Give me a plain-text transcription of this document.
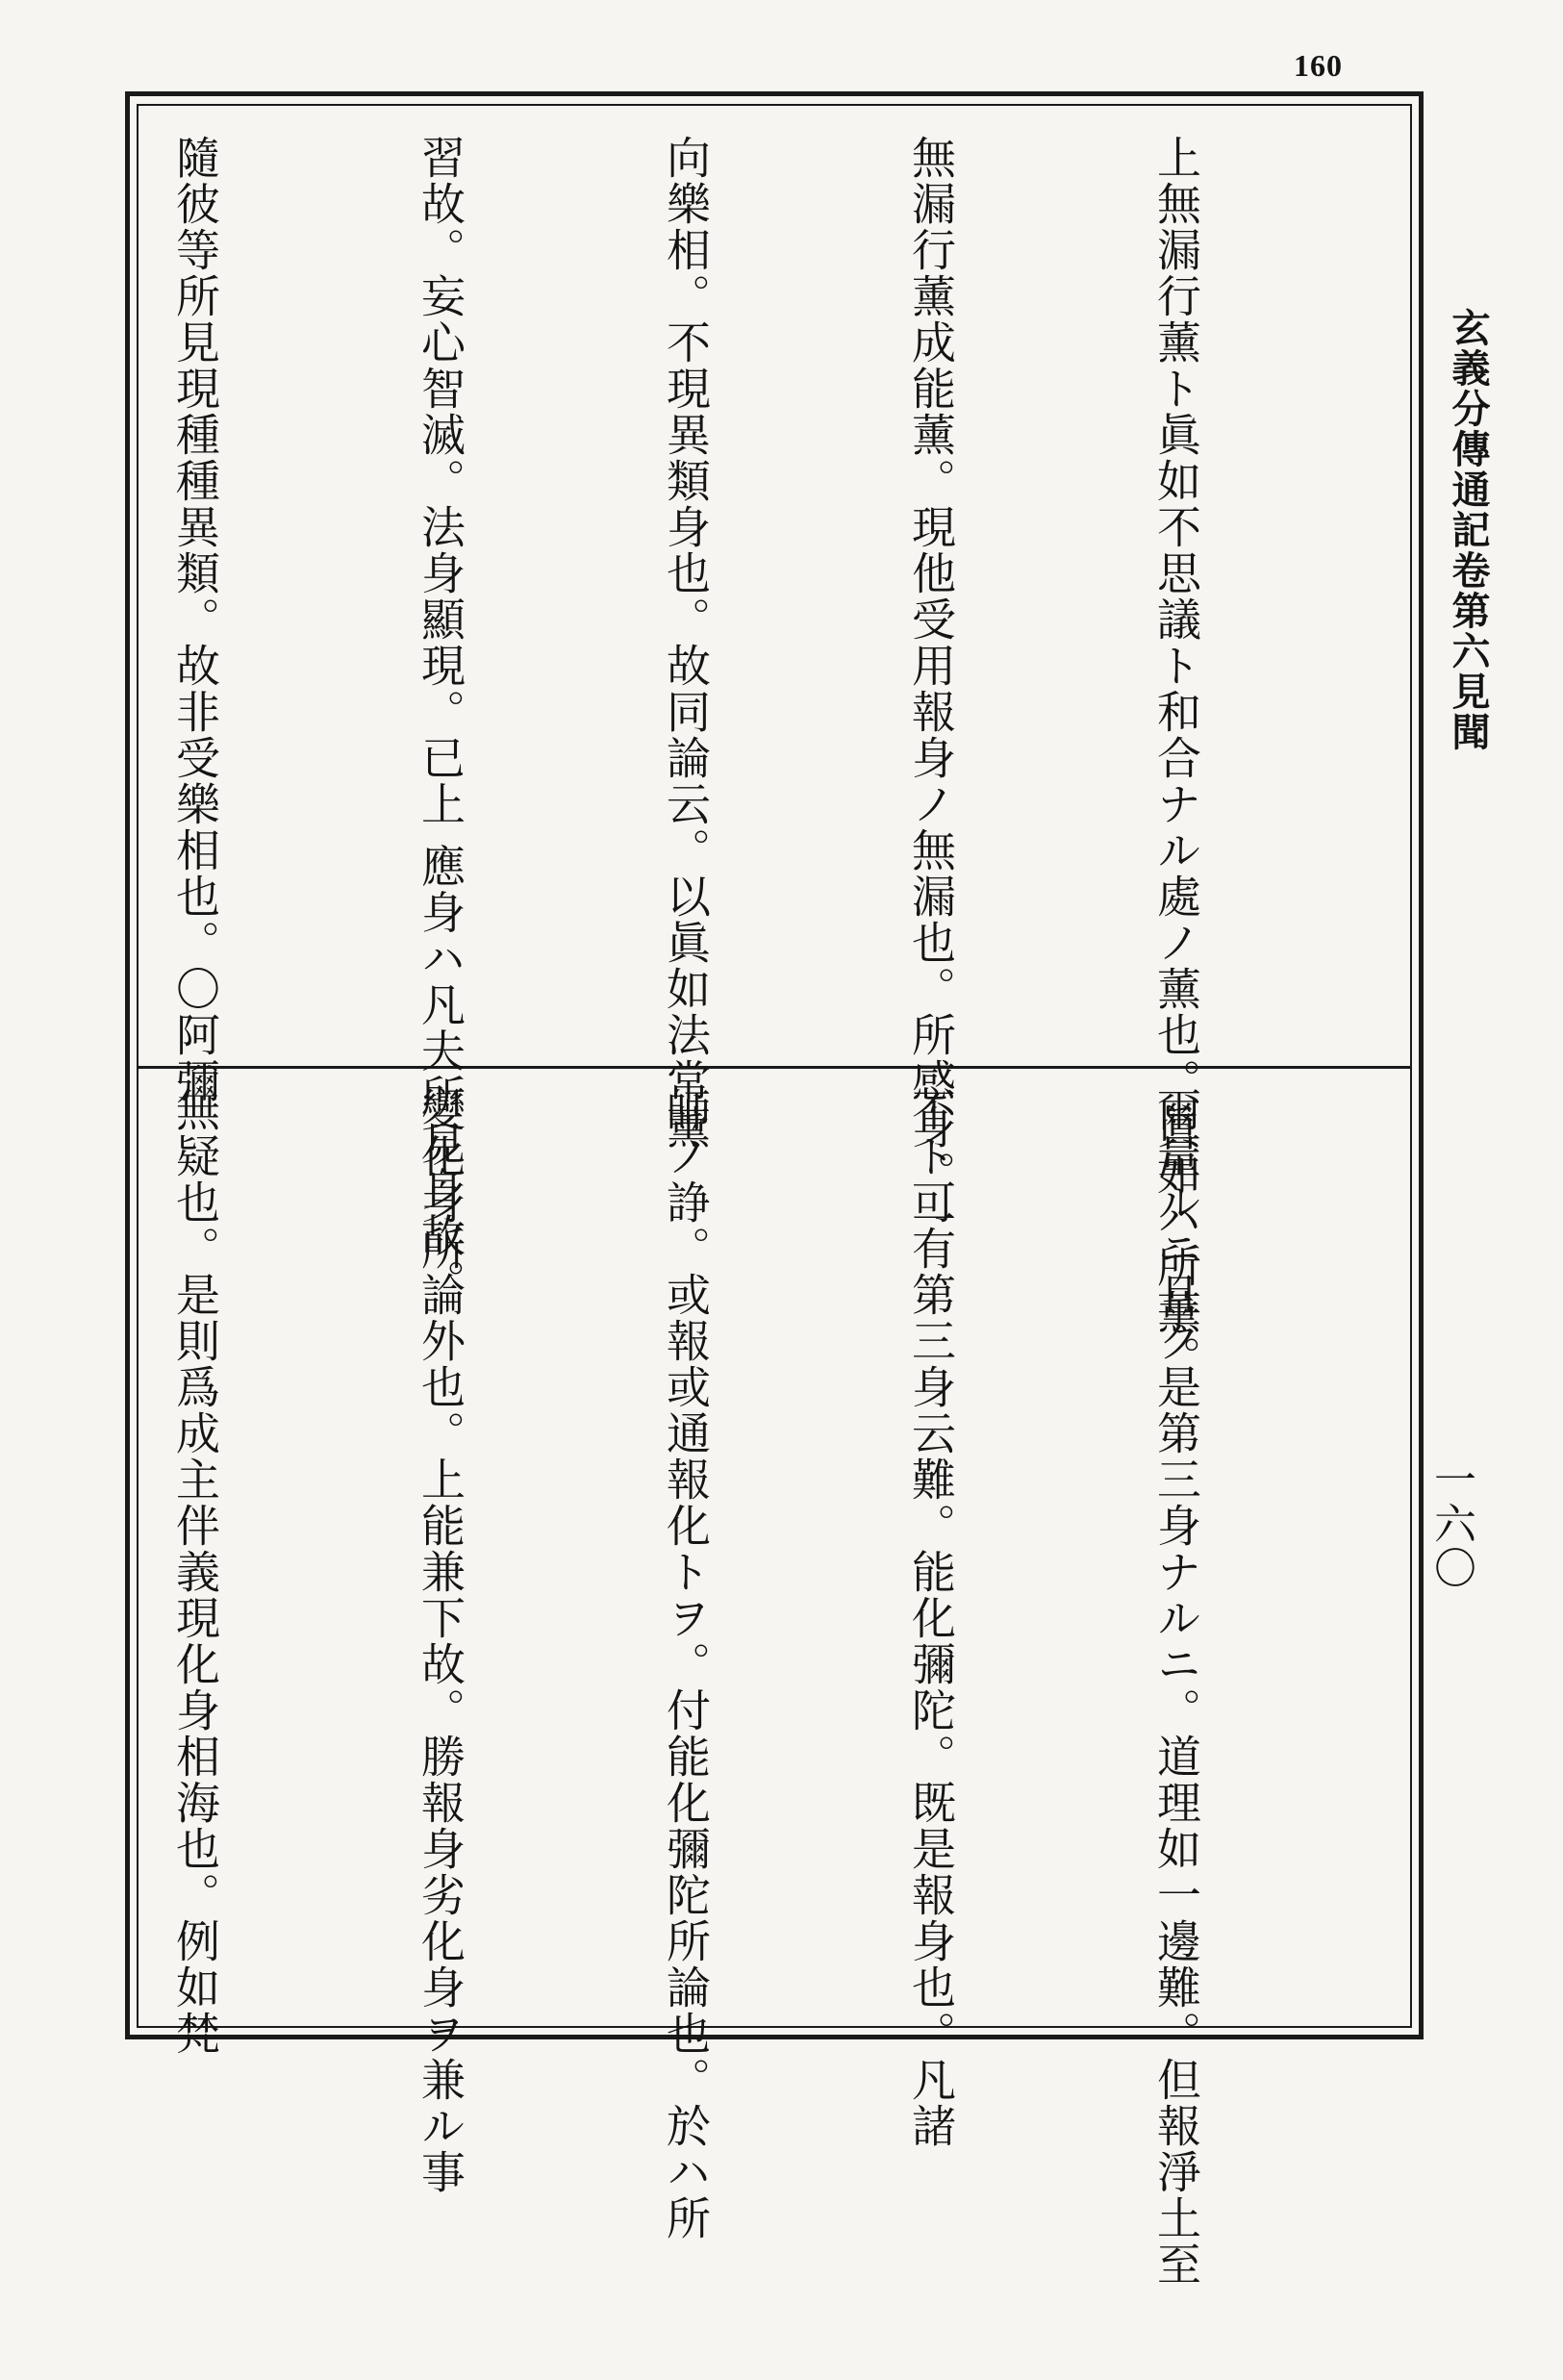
160

上無漏行薰ト眞如不思議ト和合ナル處ノ薰也。眞如ハ所薰。

無漏行薰成能薰。現他受用報身ノ無漏也。所感身。一

向樂相。不現異類身也。故同論云。以眞如法常薰

習故。妄心智滅。法身顯現。已上 應身ハ凡夫所見身故。

隨彼等所見現種種異類。故非受樂相也。〇阿彌

爾量ルニ且ク是第三身ナルニ。道理如一邊難。但報淨土至

不ト可有第三身云難。能化彌陀。既是報身也。凡諸

師ノ諍。或報或通報化トヲ。付能化彌陀所論也。於ハ所

變化身所論外也。上能兼下故。勝報身劣化身ヲ兼ル事

無疑也。是則爲成主伴義現化身相海也。例如梵

玄義分傳通記卷第六見聞
一六〇
